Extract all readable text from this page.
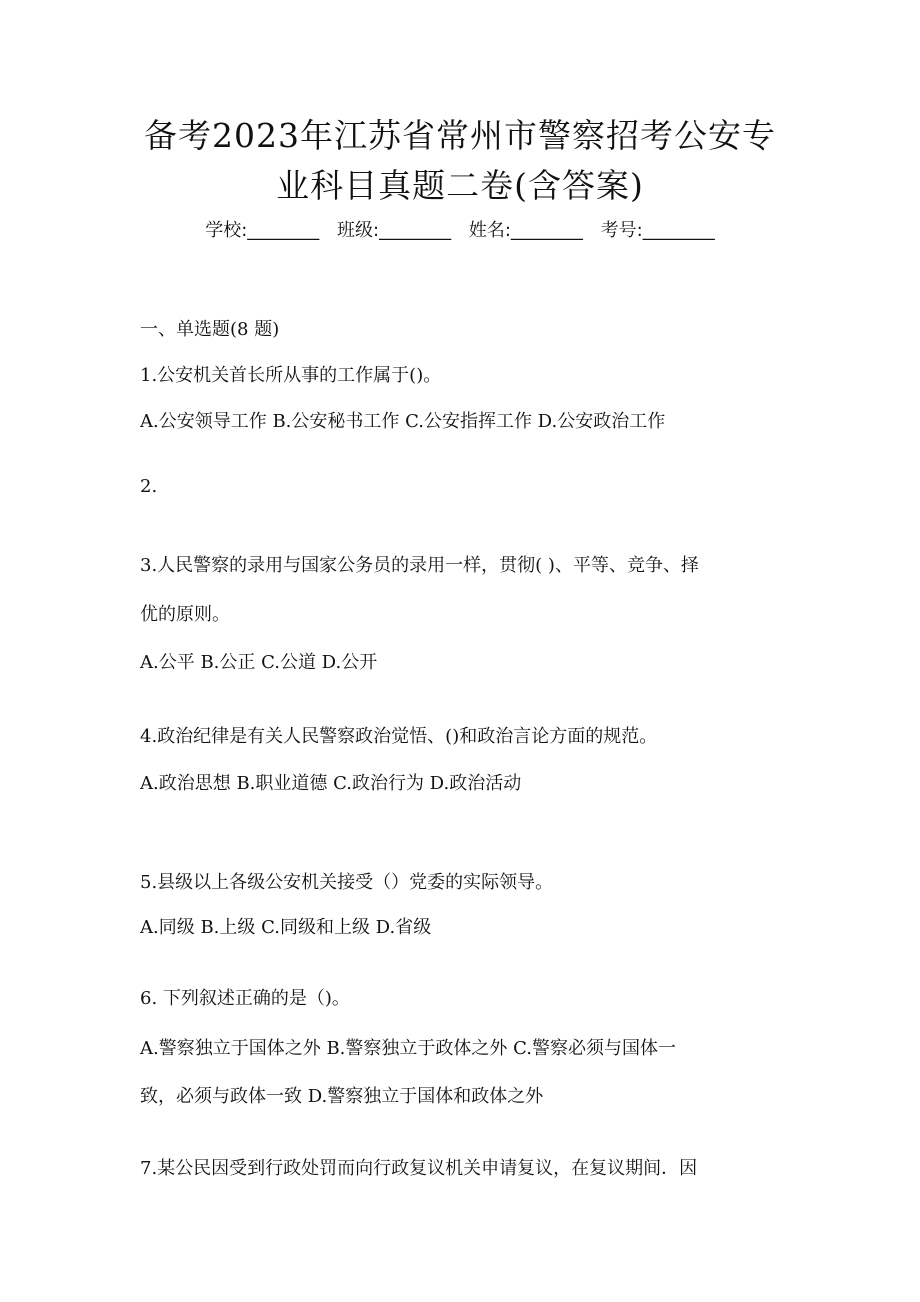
备考2023年江苏省常州市警察招考公安专
业科目真题二卷(含答案)
学校:________ 班级:________ 姓名:________ 考号:________
一、单选题(8 题)
1.公安机关首长所从事的工作属于()。
A.公安领导工作 B.公安秘书工作 C.公安指挥工作 D.公安政治工作
2.
3.人民警察的录用与国家公务员的录用一样，贯彻( )、平等、竞争、择
优的原则。
A.公平 B.公正 C.公道 D.公开
4.政治纪律是有关人民警察政治觉悟、()和政治言论方面的规范。
A.政治思想 B.职业道德 C.政治行为 D.政治活动
5.县级以上各级公安机关接受（）党委的实际领导。
A.同级 B.上级 C.同级和上级 D.省级
6. 下列叙述正确的是（)。
A.警察独立于国体之外 B.警察独立于政体之外 C.警察必须与国体一
致，必须与政体一致 D.警察独立于国体和政体之外
7.某公民因受到行政处罚而向行政复议机关申请复议，在复议期间．因
